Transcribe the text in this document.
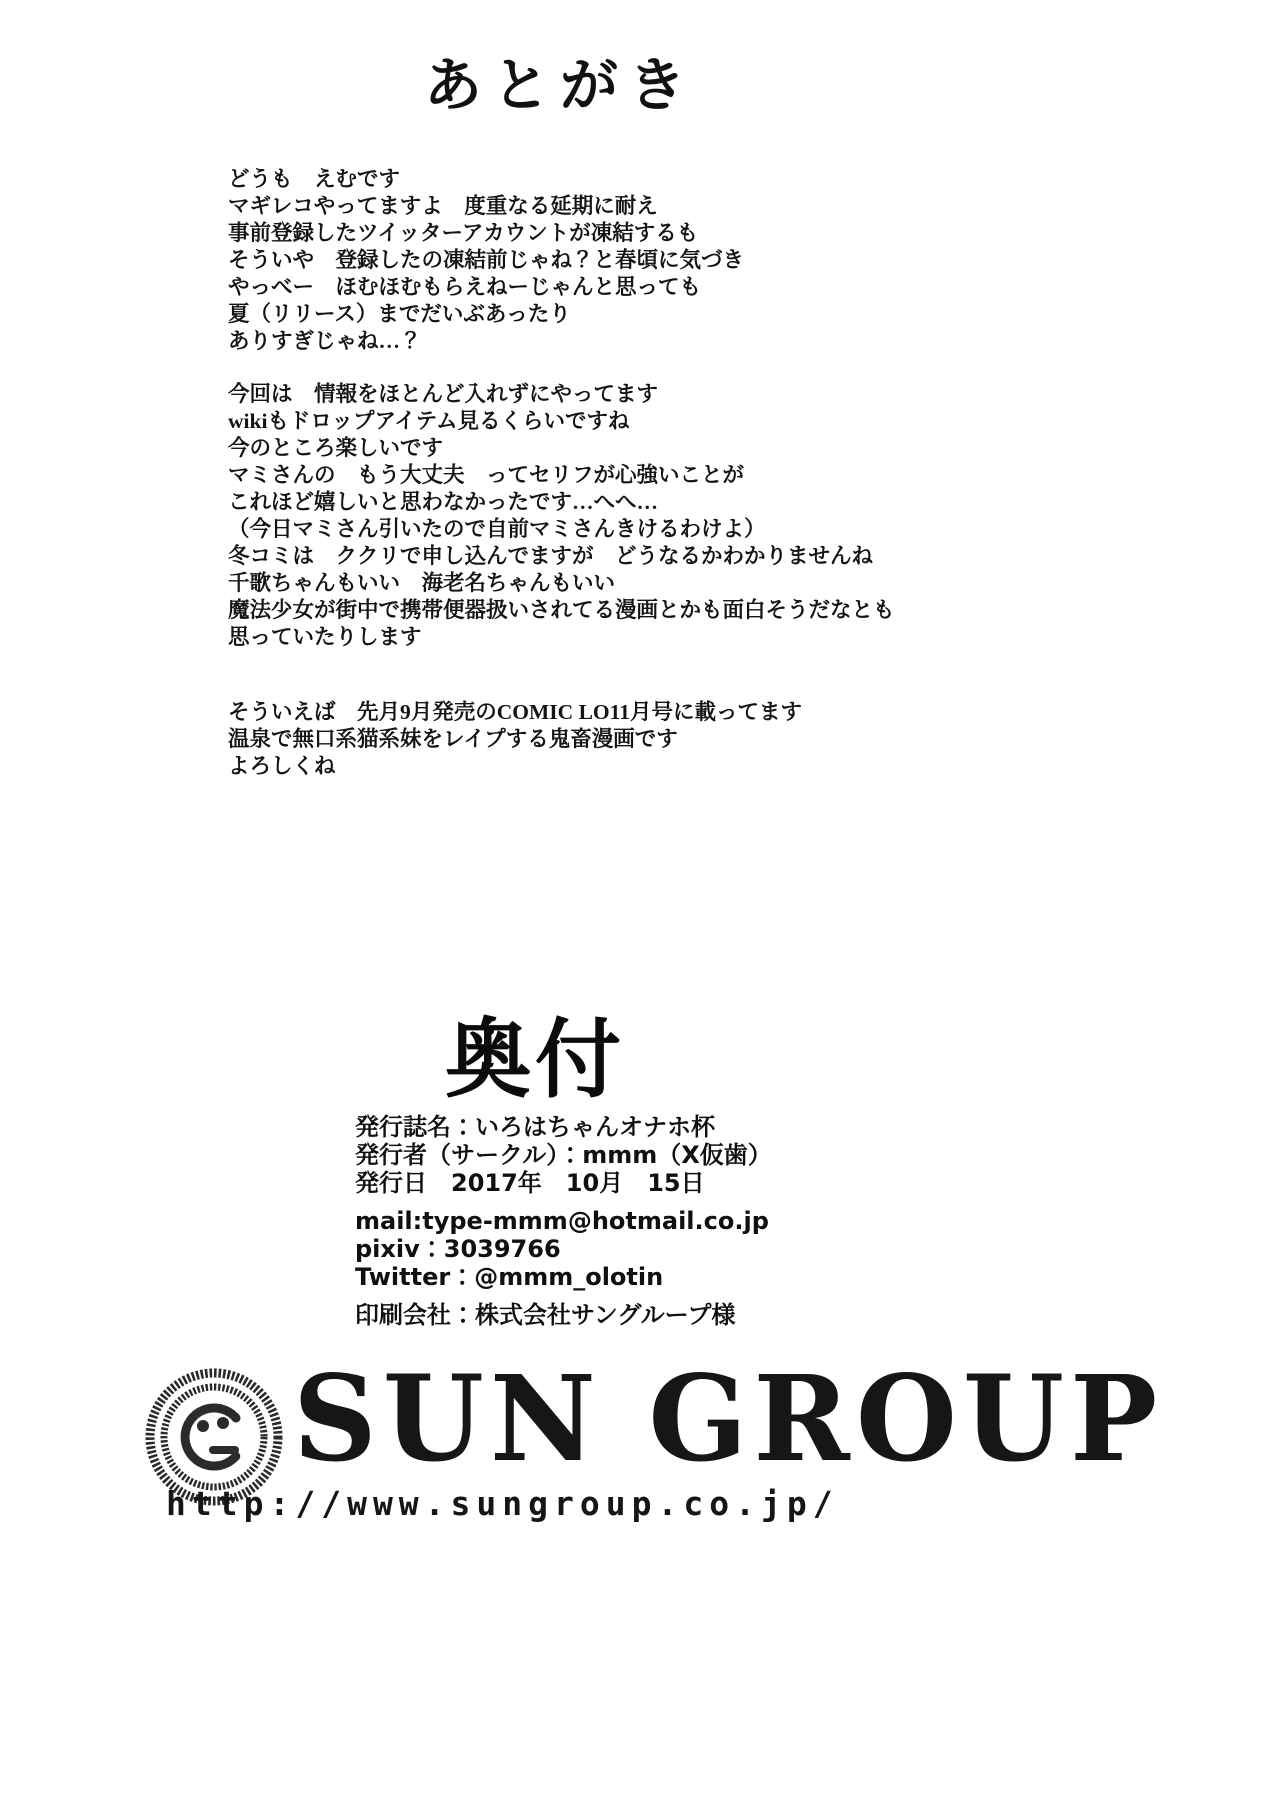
あとがき
どうも　えむです
マギレコやってますよ　度重なる延期に耐え
事前登録したツイッターアカウントが凍結するも
そういや　登録したの凍結前じゃね？と春頃に気づき
やっべー　ほむほむもらえねーじゃんと思っても
夏（リリース）までだいぶあったり
ありすぎじゃね…？
今回は　情報をほとんど入れずにやってます
wikiもドロップアイテム見るくらいですね
今のところ楽しいです
マミさんの　もう大丈夫　ってセリフが心強いことが
これほど嬉しいと思わなかったです…へへ…
（今日マミさん引いたので自前マミさんきけるわけよ）
冬コミは　ククリで申し込んでますが　どうなるかわかりませんね
千歌ちゃんもいい　海老名ちゃんもいい
魔法少女が街中で携帯便器扱いされてる漫画とかも面白そうだなとも
思っていたりします
そういえば　先月9月発売のCOMIC LO11月号に載ってます
温泉で無口系猫系妹をレイプする鬼畜漫画です
よろしくね
奥付
発行誌名：いろはちゃんオナホ杯
発行者（サークル）：mmm（X仮歯）
発行日　2017年　10月　15日
mail:type-mmm@hotmail.co.jp
pixiv：3039766
Twitter：@mmm_olotin
印刷会社：株式会社サングループ様
SUN GROUP
http://www.sungroup.co.jp/
